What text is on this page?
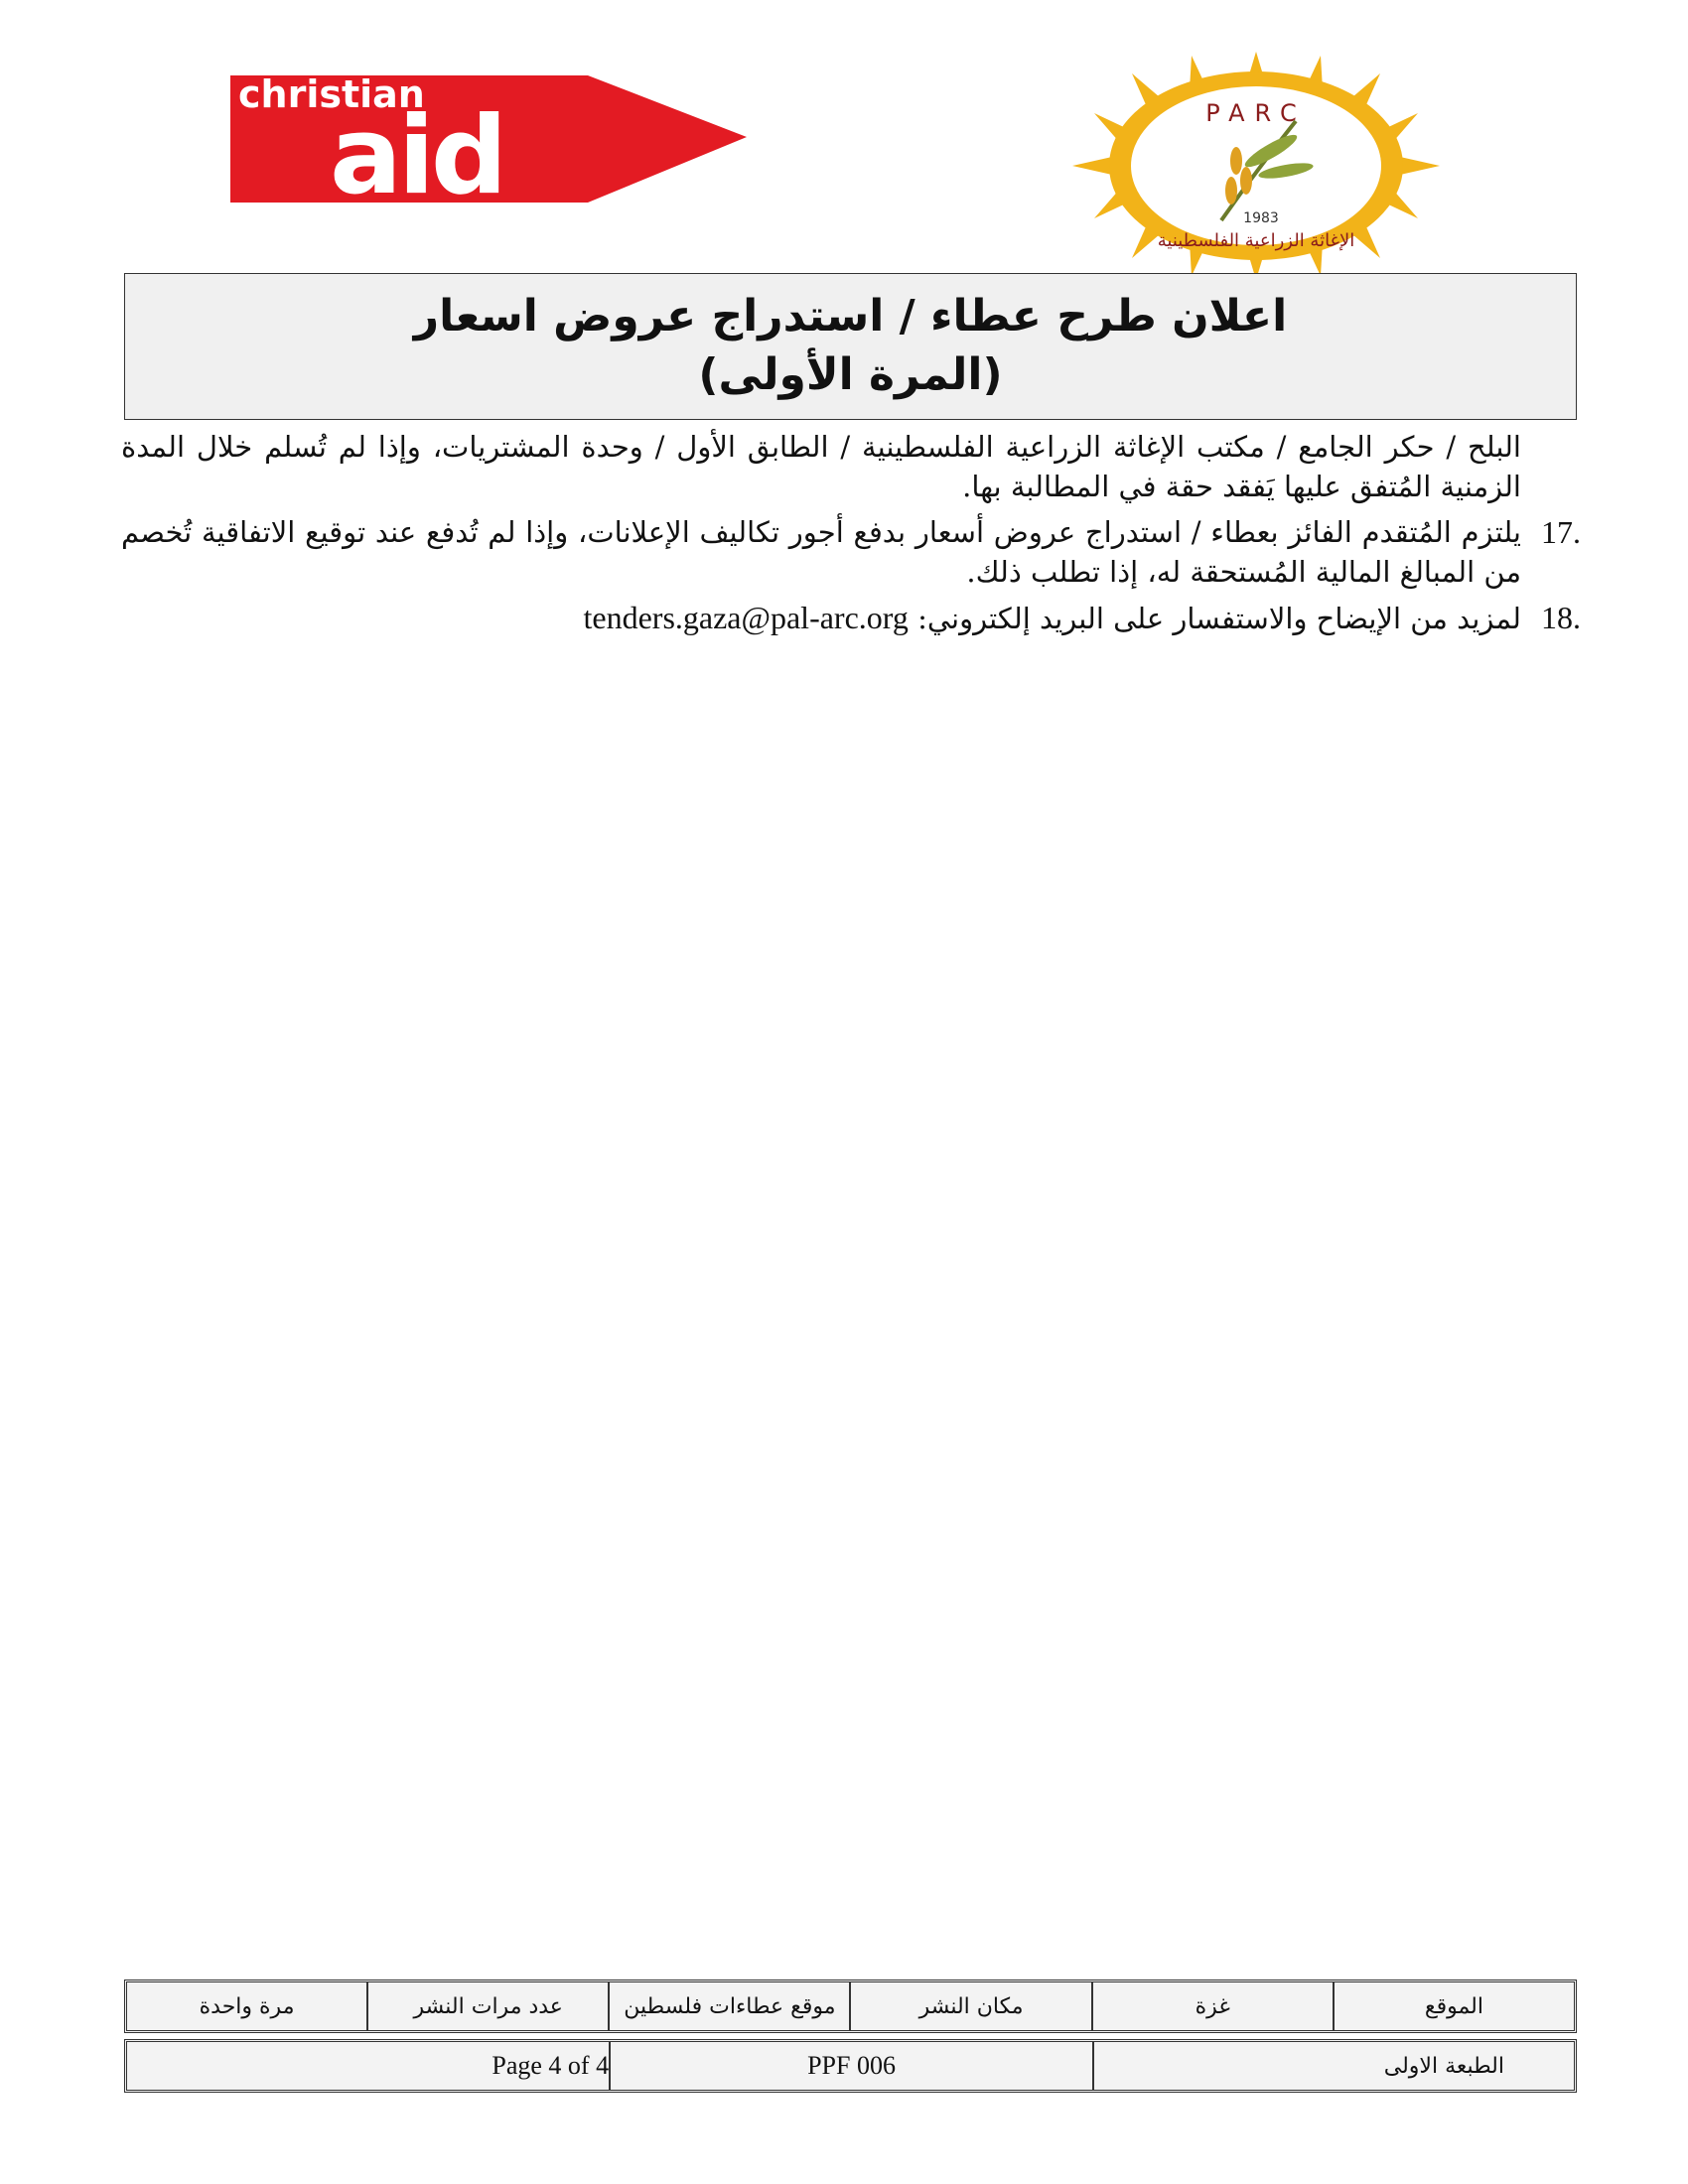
christian
aid	PARC
1983
الإغاثة الزراعية الفلسطينية
اعلان طرح عطاء / استدراج عروض اسعار
(المرة الأولى)

البلح / حكر الجامع / مكتب الإغاثة الزراعية الفلسطينية / الطابق الأول / وحدة المشتريات، وإذا لم تُسلم خلال المدة الزمنية المُتفق عليها يَفقد حقة في المطالبة بها.

17.
يلتزم المُتقدم الفائز بعطاء / استدراج عروض أسعار بدفع أجور تكاليف الإعلانات، وإذا لم تُدفع عند توقيع الاتفاقية تُخصم من المبالغ المالية المُستحقة له، إذا تطلب ذلك.
18.
لمزيد من الإيضاح والاستفسار على البريد إلكتروني: tenders.gaza@pal-arc.org
الموقع
غزة
مكان النشر
موقع عطاءات فلسطين
عدد مرات النشر
مرة واحدة
الطبعة الاولى
PPF 006
Page 4 of 4
